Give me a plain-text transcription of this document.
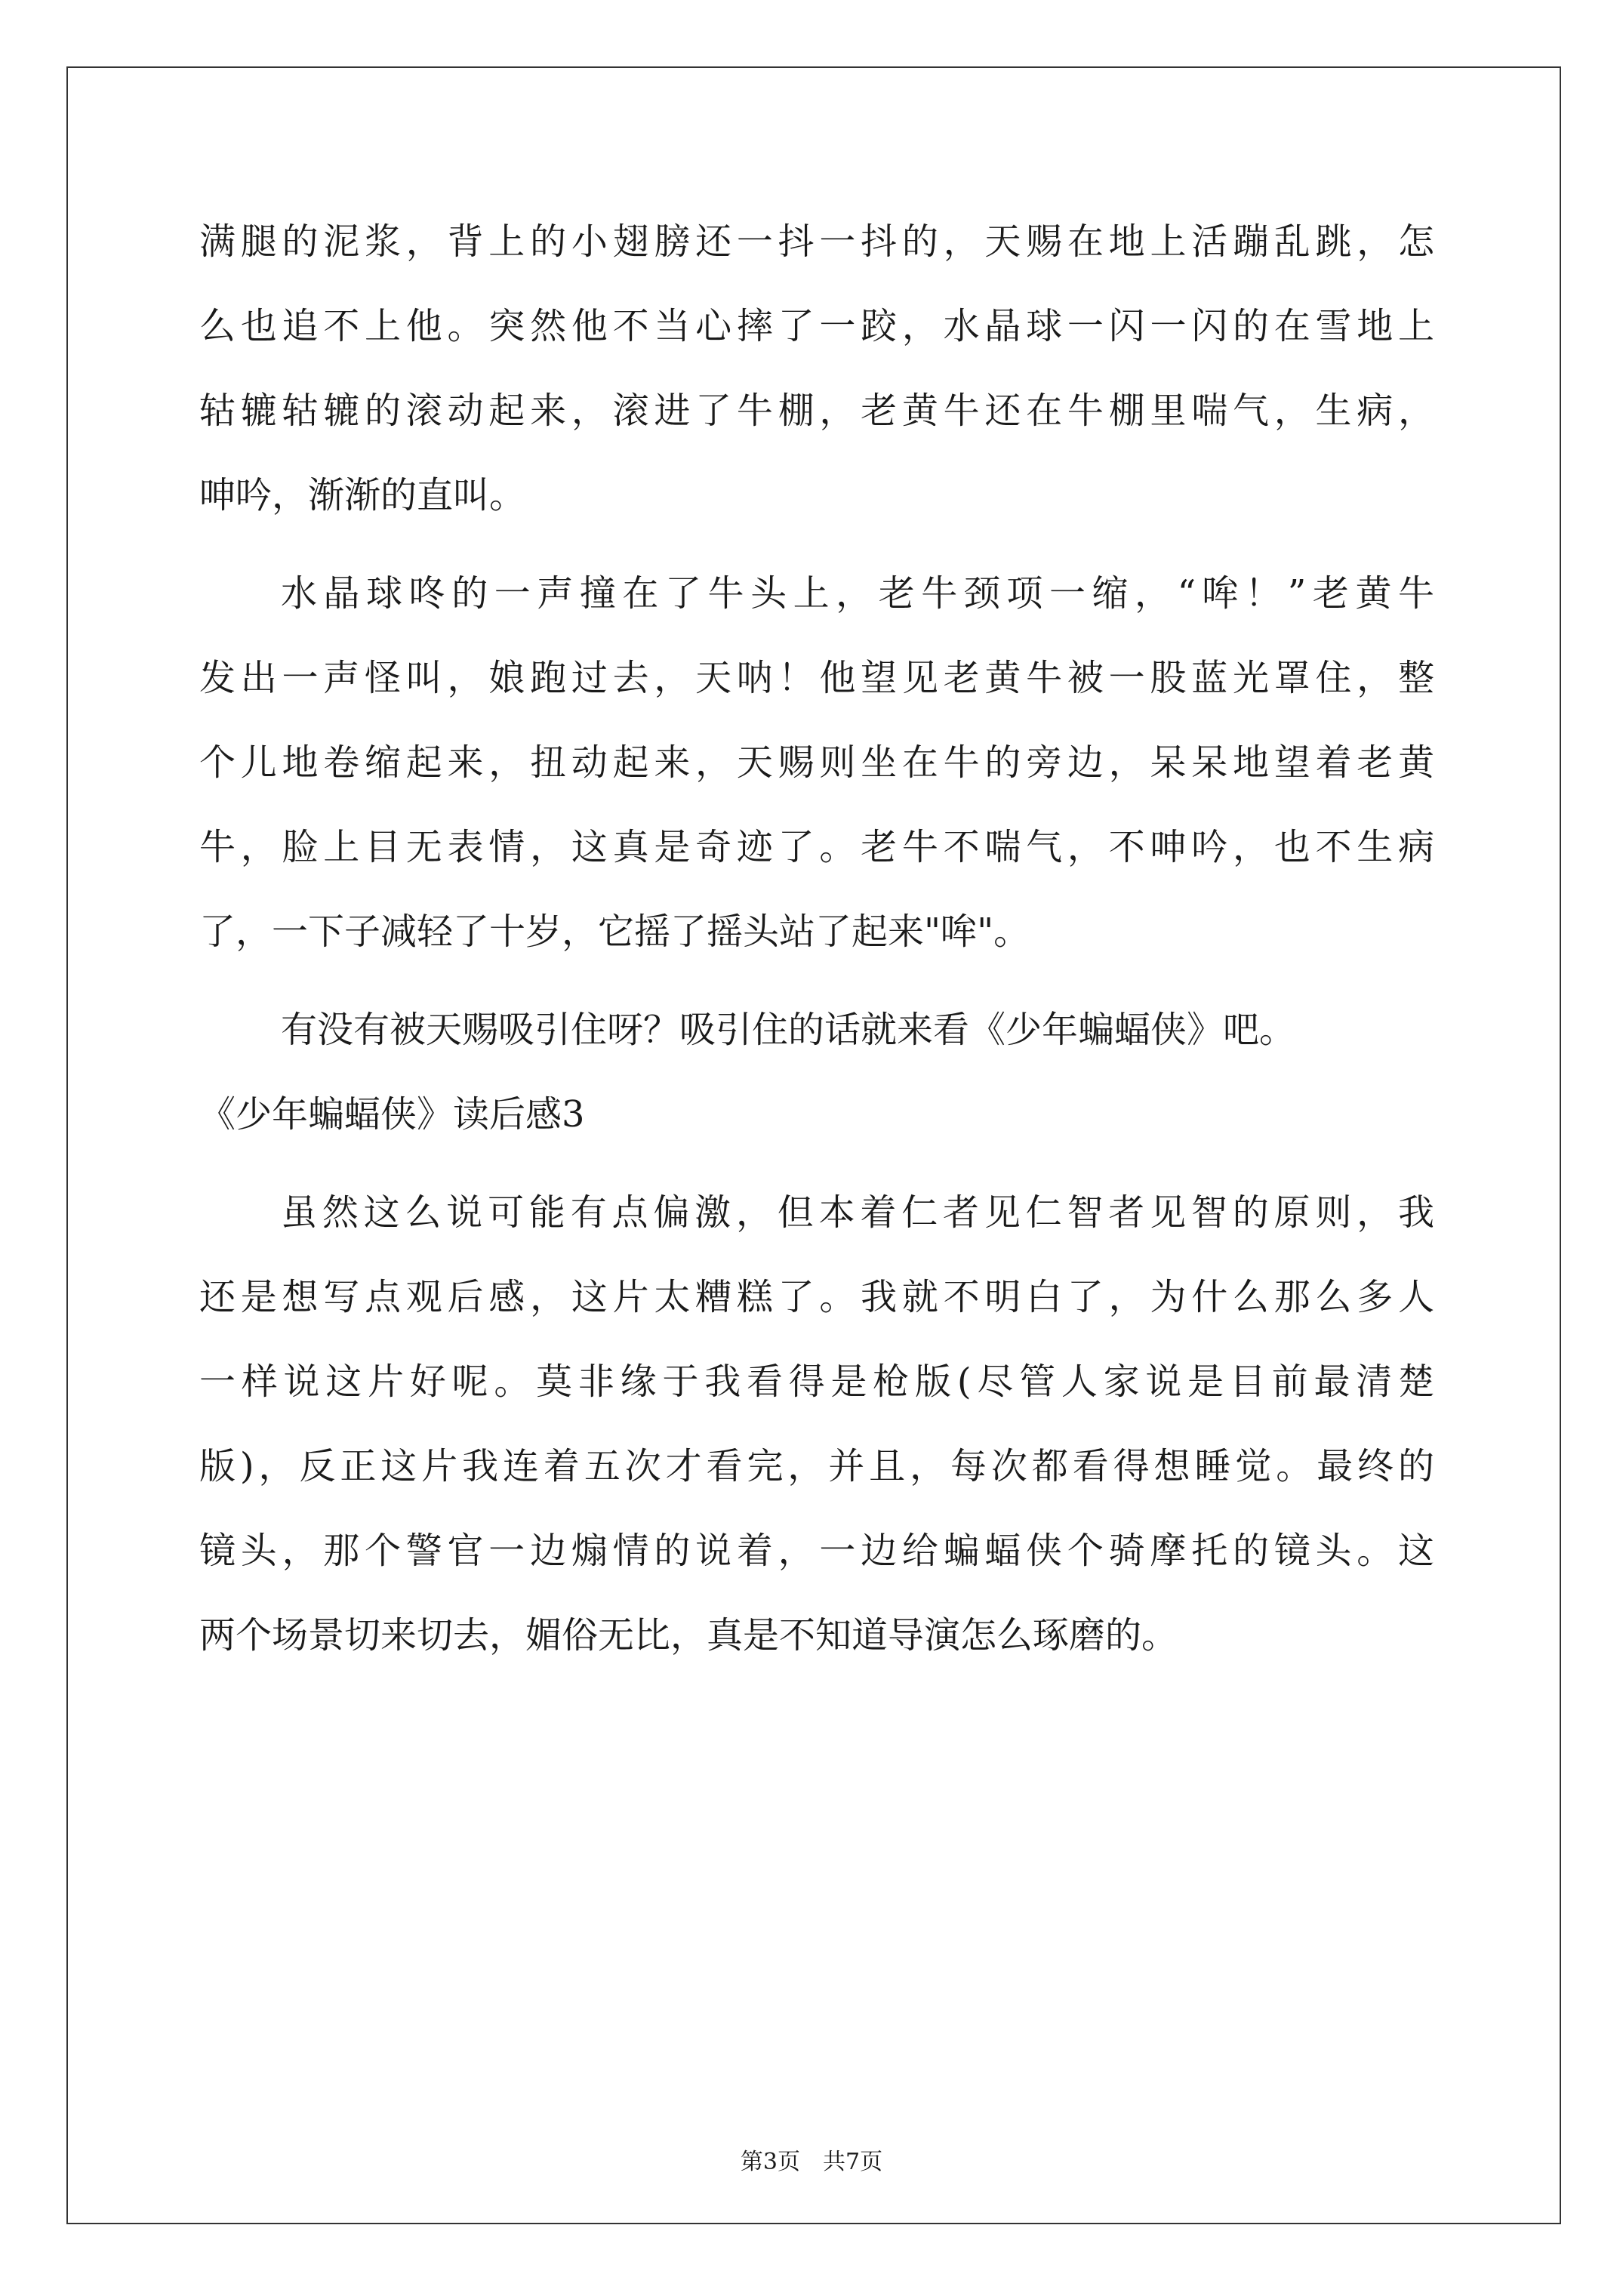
满腿的泥浆，背上的小翅膀还一抖一抖的，天赐在地上活蹦乱跳，怎
么也追不上他。突然他不当心摔了一跤，水晶球一闪一闪的在雪地上
轱辘轱辘的滚动起来，滚进了牛棚，老黄牛还在牛棚里喘气，生病，
呻吟，渐渐的直叫。
水晶球咚的一声撞在了牛头上，老牛颈项一缩，“哞！”老黄牛
发出一声怪叫，娘跑过去，天呐！他望见老黄牛被一股蓝光罩住，整
个儿地卷缩起来，扭动起来，天赐则坐在牛的旁边，呆呆地望着老黄
牛，脸上目无表情，这真是奇迹了。老牛不喘气，不呻吟，也不生病
了，一下子减轻了十岁，它摇了摇头站了起来"哞"。
有没有被天赐吸引住呀？吸引住的话就来看《少年蝙蝠侠》吧。
《少年蝙蝠侠》读后感3
虽然这么说可能有点偏激，但本着仁者见仁智者见智的原则，我
还是想写点观后感，这片太糟糕了。我就不明白了，为什么那么多人
一样说这片好呢。莫非缘于我看得是枪版(尽管人家说是目前最清楚
版)，反正这片我连着五次才看完，并且，每次都看得想睡觉。最终的
镜头，那个警官一边煽情的说着，一边给蝙蝠侠个骑摩托的镜头。这
两个场景切来切去，媚俗无比，真是不知道导演怎么琢磨的。
第3页　共7页
